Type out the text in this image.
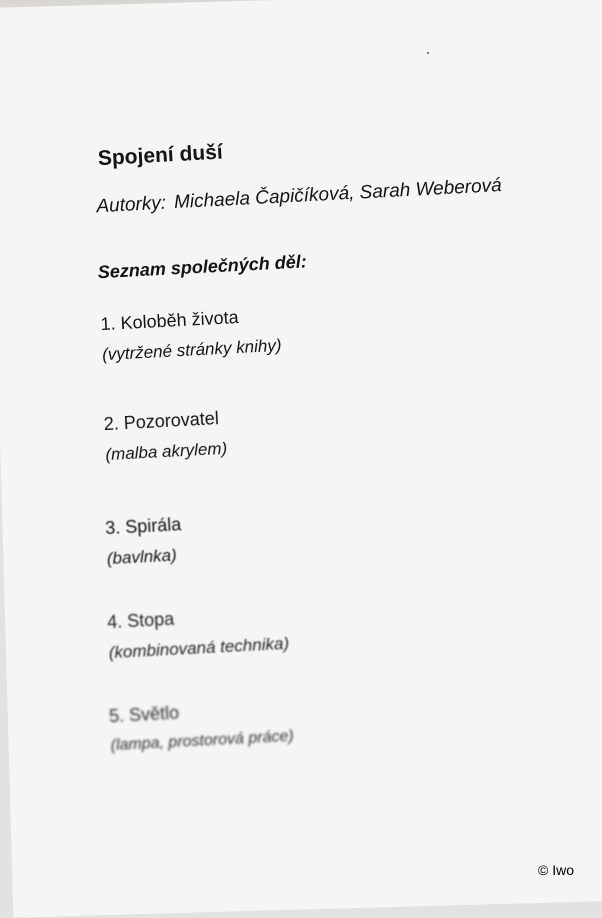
Spojení duší
Autorky: Michaela Čapičíková, Sarah Weberová
Seznam společných děl:
1. Koloběh života
(vytržené stránky knihy)
2. Pozorovatel
(malba akrylem)
3. Spirála
(bavlnka)
4. Stopa
(kombinovaná technika)
5. Světlo
(lampa, prostorová práce)
© Iwo
